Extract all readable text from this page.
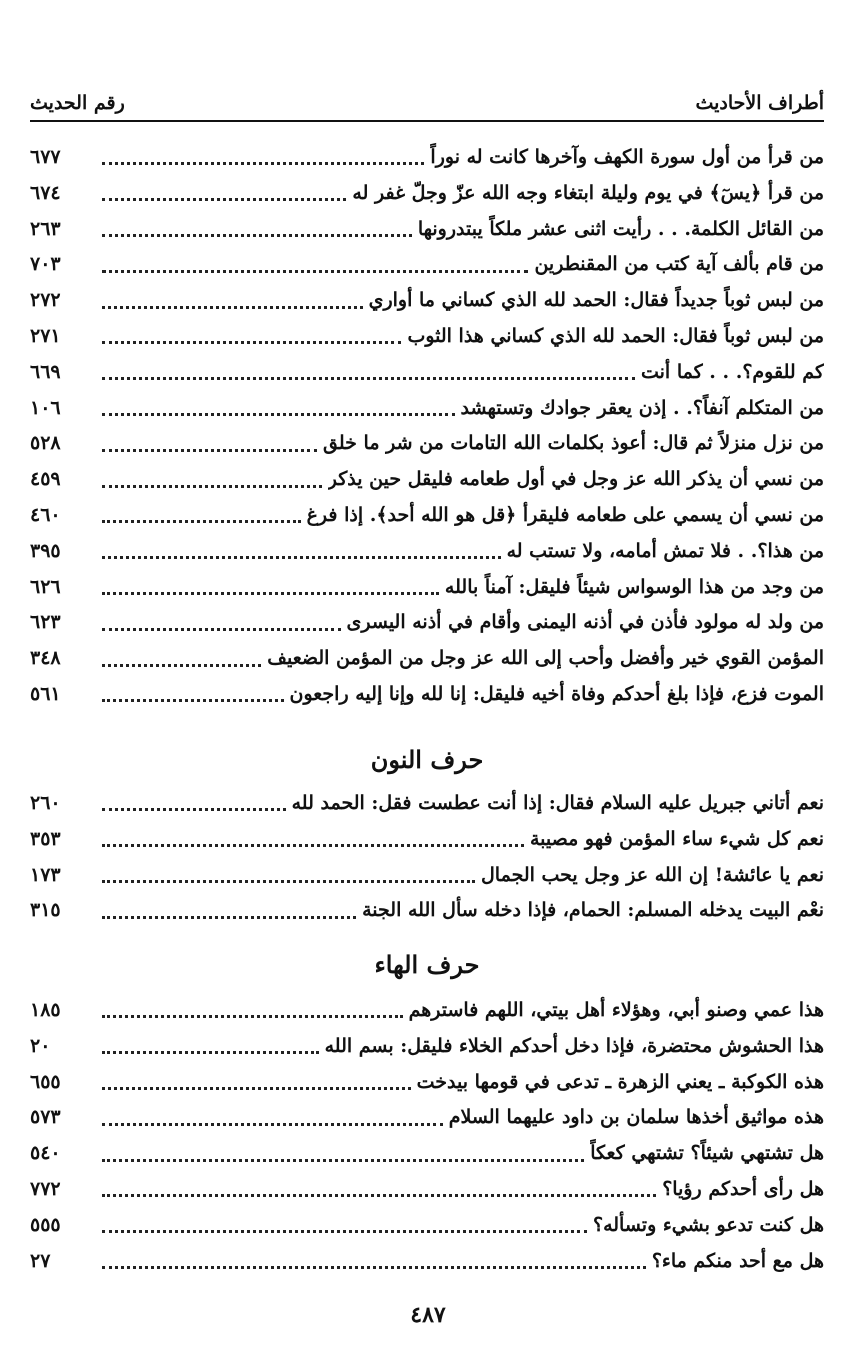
رقم الحديث	أطراف الأحاديث
٦٧٧	من قرأ من أول سورة الكهف وآخرها كانت له نوراً
٦٧٤	من قرأ ﴿يسٓ﴾ في يوم وليلة ابتغاء وجه الله عزّ وجلّ غفر له
٢٦٣	من القائل الكلمة. . . رأيت اثنى عشر ملكاً يبتدرونها
٧٠٣	من قام بألف آية كتب من المقنطرين
٢٧٢	من لبس ثوباً جديداً فقال: الحمد لله الذي كساني ما أواري
٢٧١	من لبس ثوباً فقال: الحمد لله الذي كساني هذا الثوب
٦٦٩	كم للقوم؟. . . كما أنت
١٠٦	من المتكلم آنفاً؟. . إذن يعقر جوادك وتستهشد
٥٢٨	من نزل منزلاً ثم قال: أعوذ بكلمات الله التامات من شر ما خلق
٤٥٩	من نسي أن يذكر الله عز وجل في أول طعامه فليقل حين يذكر
٤٦٠	من نسي أن يسمي على طعامه فليقرأ ﴿قل هو الله أحد﴾. إذا فرغ
٣٩٥	من هذا؟. . فلا تمش أمامه، ولا تستب له
٦٢٦	من وجد من هذا الوسواس شيئاً فليقل: آمناً بالله
٦٢٣	من ولد له مولود فأذن في أذنه اليمنى وأقام في أذنه اليسرى
٣٤٨	المؤمن القوي خير وأفضل وأحب إلى الله عز وجل من المؤمن الضعيف
٥٦١	الموت فزع، فإذا بلغ أحدكم وفاة أخيه فليقل: إنا لله وإنا إليه راجعون
حرف النون
٢٦٠	نعم أتاني جبريل عليه السلام فقال: إذا أنت عطست فقل: الحمد لله
٣٥٣	نعم كل شيء ساء المؤمن فهو مصيبة
١٧٣	نعم يا عائشة! إن الله عز وجل يحب الجمال
٣١٥	نعْم البيت يدخله المسلم: الحمام، فإذا دخله سأل الله الجنة
حرف الهاء
١٨٥	هذا عمي وصنو أبي، وهؤلاء أهل بيتي، اللهم فاسترهم
٢٠	هذا الحشوش محتضرة، فإذا دخل أحدكم الخلاء فليقل: بسم الله
٦٥٥	هذه الكوكبة ـ يعني الزهرة ـ تدعى في قومها بيدخت
٥٧٣	هذه مواثيق أخذها سلمان بن داود عليهما السلام
٥٤٠	هل تشتهي شيئاً؟ تشتهي كعكاً
٧٧٢	هل رأى أحدكم رؤيا؟
٥٥٥	هل كنت تدعو بشيء وتسأله؟
٢٧	هل مع أحد منكم ماء؟
٤٨٧
